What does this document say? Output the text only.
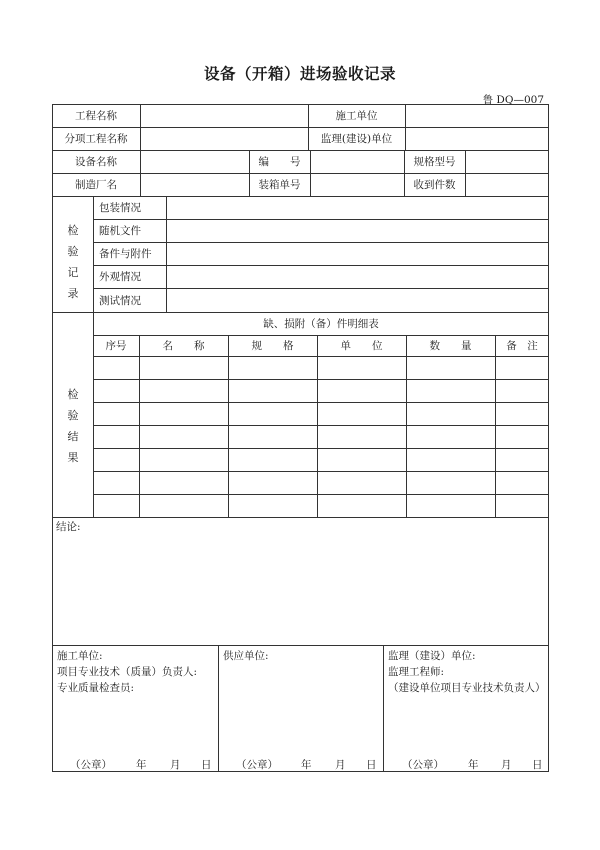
设备（开箱）进场验收记录
鲁 DQ—007
工程名称	施工单位
分项工程名称	监理(建设)单位
设备名称	编　　号	规格型号
制造厂名	装箱单号	收到件数
检
验
记
录
包装情况
随机文件
备件与附件
外观情况
测试情况
缺、损附（备）件明细表
序号	名　　称	规　　格	单　　位	数　　量	备　注
检
验
结
果
结论:
施工单位:
项目专业技术（质量）负责人:
专业质量检查员:
（公章） 年 月 日
供应单位:
（公章） 年 月 日
监理（建设）单位:
监理工程师:
（建设单位项目专业技术负责人）
（公章） 年 月 日
